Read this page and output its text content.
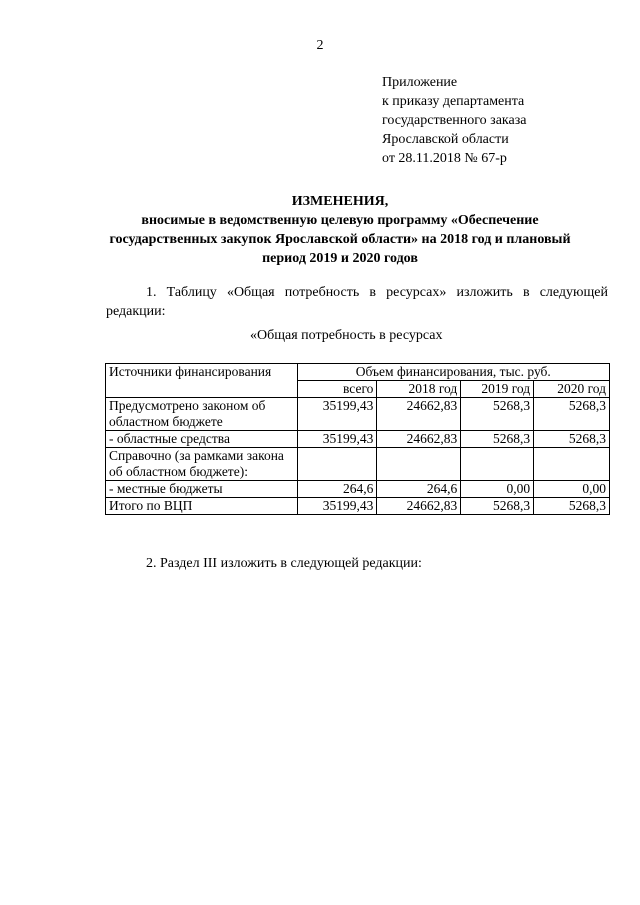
2
Приложение
к приказу департамента
государственного заказа
Ярославской области
от 28.11.2018 № 67-р
ИЗМЕНЕНИЯ,
вносимые в ведомственную целевую программу «Обеспечение государственных закупок Ярославской области» на 2018 год и плановый период 2019 и 2020 годов
1. Таблицу «Общая потребность в ресурсах» изложить в следующей редакции:
«Общая потребность в ресурсах
Источники финансирования	Объем финансирования, тыс. руб.			
	всего	2018 год	2019 год	2020 год
Предусмотрено законом об областном бюджете	35199,43	24662,83	5268,3	5268,3
- областные средства	35199,43	24662,83	5268,3	5268,3
Справочно (за рамками закона об областном бюджете):				
- местные бюджеты	264,6	264,6	0,00	0,00
Итого по ВЦП	35199,43	24662,83	5268,3	5268,3
2. Раздел III изложить в следующей редакции:
